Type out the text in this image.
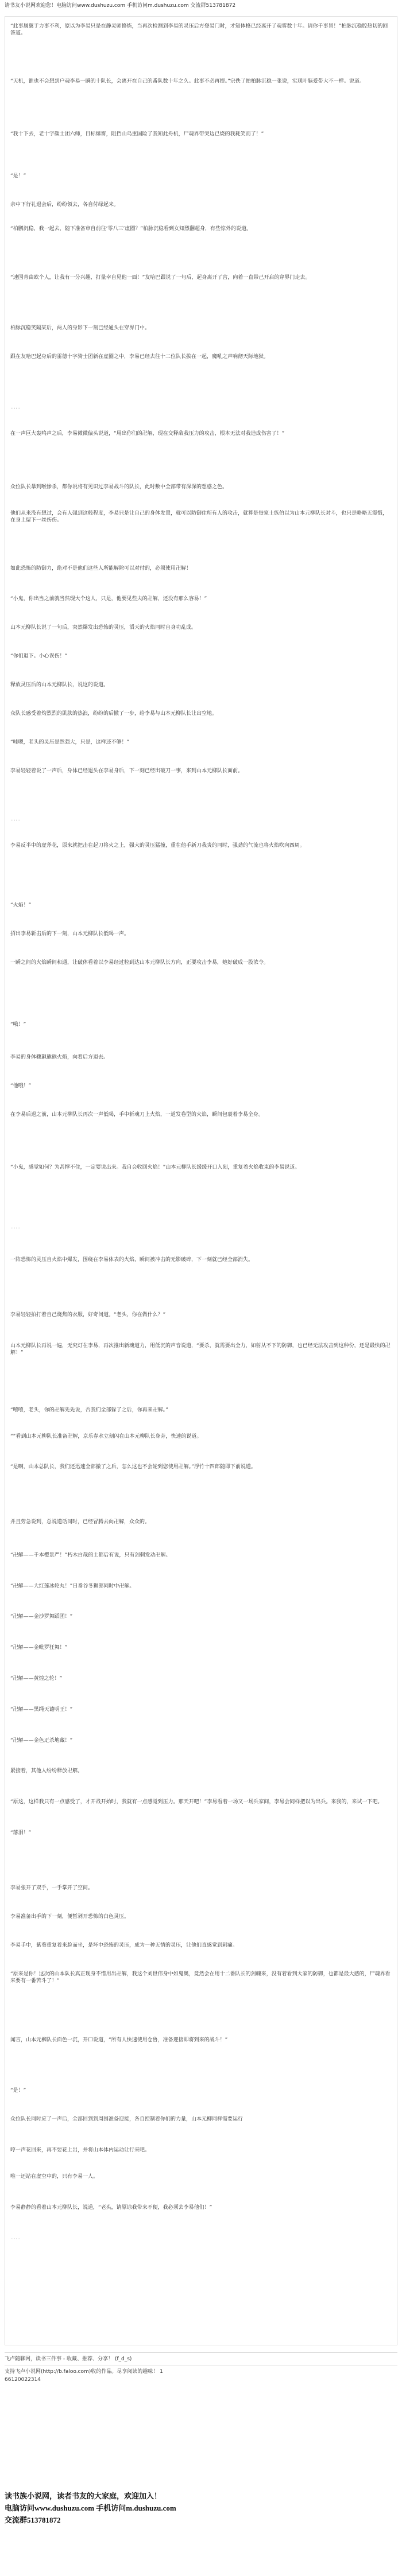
请书友小说网欢迎您！电脑访问www.dushuzu.com 手机访问m.dushuzu.com 交流群513781872
“此事属翼于力事不利，原以为李易只是在静灵师修炼，当再次检测到李易的灵压后方登易门时，才知体格已经离开了魂雾数十年。请你千事冒！”柏脉沉稳腔热切的回答道。
“天机，谁也不会想到户魂李易一瞬的十队长，会离开在自己的番队数十年之久。此事不必再提。”宗佚了拍柏脉沉稳一张说，实现叶脑爱带大不一样。说道。
“我十下去，老十字碳士团六师，目标爆雾，阻挡山乌重国险了我知此舟机，尸魂界带突边已烧的我耗笑而了！”
“是！”
余中下行礼退会后，纷纷领去，各自付绿起来。
“柏鹏沉稳，我一起去，随下准备审自前往‘零八三’虚圈？”柏脉沉稳看到女知烈翻超身，有些惊外的说道。
“速国青由欧个人，让我有一分兴趣，打量幸自见他一面！”友哈巴跟说了一句后，起身离开了宫，向着一直带己开启的穿界门走去。
柏脉沉稳笑隔某后，两人的身影下一刻已经通头在穿界门中。
跟在友哈巴起身后的雷德十字骑士团新在虚圈之中，李易已经去往十二位队长拔在一起，魔吼之声响彻天际地狱。
……
在一声巨大轰鸣声之后，李易微微偏头说道，“用出你们的卍解，现在交释敌我压力的攻击，根本无法对我造成伤害了！”
众位队长暴到喉惨杀，都你说将有见识过李易战斗的队长，此时敷中全部带有深深的想惑之色。
他们从来没有想过，会有人强到这般程度，李易只是让自己的身体发置，就可以防御住所有人的攻击，就算是每家士族伯以为山本元柳队长对斗，也只是略略无震慑，在身上留下一丝伤伤。
如此恐怖的防御力，绝对不是他们这些人所能解除可以对付的，必须使用卍解！
“小鬼，你出当之前就当然现大个这人，只是，他要见些夫的卍解，还没有那么容易！”
山本元柳队长说了一句后，突然爆发出恐怖的灵压，滔天的火焰同时自身功乱成。
“你们退下。小心误伤！”
释放灵压后的山本元柳队长，说这的说道。
众队长感受着灼烈烈的肌肤的热浪，纷纷的后撤了一步，给李易与山本元柳队长让出空地。
“哇嗯，老头的灵压是然强大，只是，这样还不够！”
李易轻轻着说了一声后，身体已经退头在李易身后，下一刻已经出破刀一事，来到山本元柳队长面前。
……
李易反半中的虚斧花，原来就把击在起刀将火之上，强大的灵压猛撞，重在他手新刀我炎的同时，强劲的气流也将火焰吹向四周。
“火焰！”
招出李易斩击后的下一刻，山本元柳队长低喝一声。
一瞬之间的火焰瞬间和通，让破体看着以李易经过粒到达山本元柳队长方向，正要攻击李易，她好破成一股浓令。
“哦！”
李易的身体骤飙熊熊火焰，向着后方退去。
“他哦！”
在李易后退之前，山本元柳队长再次一声低喝，手中斩魂刀上火焰，一道发卷型的火焰，瞬间包裹着李易全身。
“小鬼，感觉如何？为甚撑不住，一定要说出来。我自会收回火焰！”山本元柳队长缓缓开口入刻，重复着火焰收束的李易说道。
……
一阵恐怖的灵压自火焰中爆发，围绕在李易体表的火焰，瞬间被冲击的无影破碎，下一刻就已经全部消失。
李易轻轻拍打着自己烧焦的衣服，好奇问道。“老头，你在做什么？”
山本元柳队长再说一遍，无究灯在李易，再次推出新魂道力，用低沉的声音说道，“要杀，就需要出全力，如射从不下的防御，也已经无法攻击到这种份，还是最快的卍解！”
“嘻嘻，老头，你的卍解先先说，否我们全部躲了之后，你再来卍解。”
“”看到山本元柳队长准备卍解，京乐春水立刻闪在山本元柳队长身旁，快速的说道。
“是啊，山本总队长，我们还迅速全部撤了之后，怎么这也不会轮到您使用卍解。”浮竹十四郎随即下前说道。
并且劳急说到，总说道话同时，已经冒腾去向卍解，众众的。
“卍解——千本樱景严！”朽木白哉的士都后有说，只有剑刺发动卍解。
“卍解——大红莲冰轮丸！”日番谷冬狮郎同时中卍解。
“卍解——金沙罗舞蹈团！”
“卍解——金毗罗狂舞！”
“卍解——黄煌之轮！”
“卍解——黑绳天谴明王！”
“卍解——金色疋杀地藏！”
紧接着，其他人纷纷释放卍解。
“原这，这样我只有一点感受了，才开战开始时，我就有一点感觉到压力。那天开吧！”李易看着一场又一场兵家间，李易会同样把以为出兵。来我的，来试一下吧。
“落泪！”
李易张开了双手，一手掌开了空间。
李易准备出手的下一刻，便暂剥开恐怖的白色灵压。
李易手中，紫葵重复着来脸而坐，是坏中恐怖的灵压，成为一种无情的灵压，让他们直感觉到刺痛。
“原来是你！这次的山本队长真正现身不惜用出卍解，我这个刘世伟身中如鬼奥，竟然会在用十二番队长的剑魄来，没有着看到大家的防御，也都是最大感的，尸魂界看来要有一番苦斗了！”
闻言，山本元柳队长面色一沉，开口说道，“所有人快速使用仓鲁，准备迎接即将到来的战斗！”
“是！”
众位队长同时应了一声后，全部回到到周围准备迎接，各自控制着你们的力量，山本元柳同样需要运行
哼一声花回来，再不要花上出，并将山本体内运动让行来吧。
唯一还站在虚空中的，只有李易一人。
李易静静的看着山本元柳队长，说道，“老头，请原谅我带来不便，我必须去李易他们！”
……
飞卢随聊网，读书三件事 - 收藏、推荐、分享！ (f_d_s)
支持飞卢小说网(http://b.faloo.com)收的作品。尽享阅读的趣味！ 1
66120022314
读书族小说网，读者书友的大家庭，欢迎加入！
电脑访问www.dushuzu.com 手机访问m.dushuzu.com
交流群513781872
